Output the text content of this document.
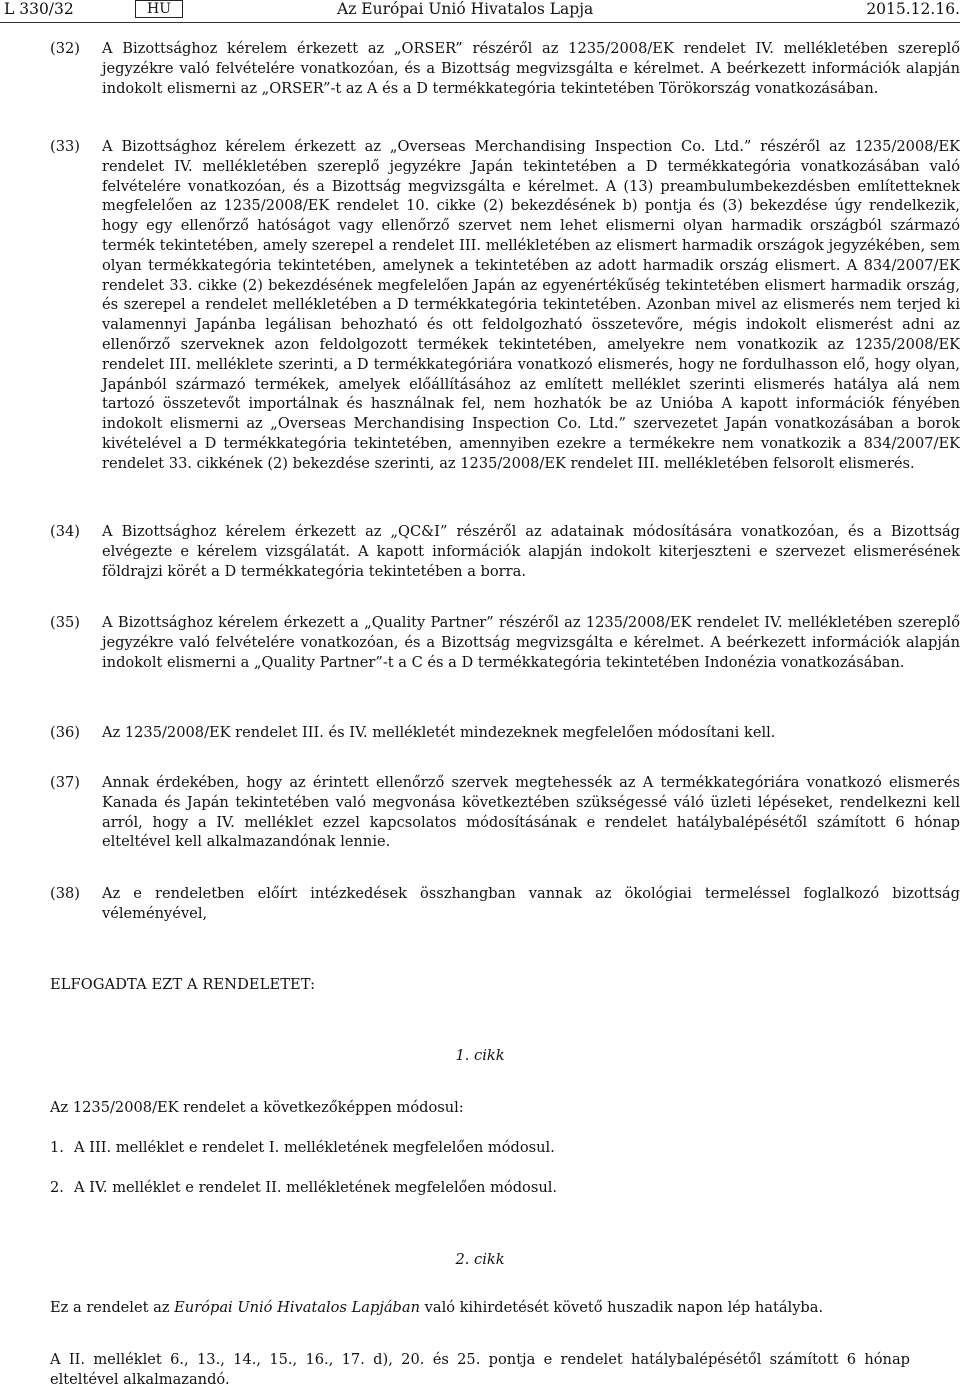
L 330/32	HU	Az Európai Unió Hivatalos Lapja	2015.12.16.
(32) A Bizottsághoz kérelem érkezett az „ORSER” részéről az 1235/2008/EK rendelet IV. mellékletében szereplő jegyzékre való felvételére vonatkozóan, és a Bizottság megvizsgálta e kérelmet. A beérkezett információk alapján indokolt elismerni az „ORSER”-t az A és a D termékkategória tekintetében Törökország vonatkozásában.
(33) A Bizottsághoz kérelem érkezett az „Overseas Merchandising Inspection Co. Ltd.” részéről az 1235/2008/EK rendelet IV. mellékletében szereplő jegyzékre Japán tekintetében a D termékkategória vonatkozásában való felvételére vonatkozóan, és a Bizottság megvizsgálta e kérelmet. A (13) preambulumbekezdésben említetteknek megfelelően az 1235/2008/EK rendelet 10. cikke (2) bekezdésének b) pontja és (3) bekezdése úgy rendelkezik, hogy egy ellenőrző hatóságot vagy ellenőrző szervet nem lehet elismerni olyan harmadik országból származó termék tekintetében, amely szerepel a rendelet III. mellékletében az elismert harmadik országok jegyzékében, sem olyan termékkategória tekintetében, amelynek a tekintetében az adott harmadik ország elismert. A 834/2007/EK rendelet 33. cikke (2) bekezdésének megfelelően Japán az egyenértékűség tekintetében elismert harmadik ország, és szerepel a rendelet mellékletében a D termékkategória tekintetében. Azonban mivel az elismerés nem terjed ki valamennyi Japánba legálisan behozható és ott feldolgozható összetevőre, mégis indokolt elismerést adni az ellenőrző szerveknek azon feldolgozott termékek tekintetében, amelyekre nem vonatkozik az 1235/2008/EK rendelet III. melléklete szerinti, a D termékkategóriára vonatkozó elismerés, hogy ne fordulhasson elő, hogy olyan, Japánból származó termékek, amelyek előállításához az említett melléklet szerinti elismerés hatálya alá nem tartozó összetevőt importálnak és használnak fel, nem hozhatók be az Unióba A kapott információk fényében indokolt elismerni az „Overseas Merchandising Inspection Co. Ltd.” szervezetet Japán vonatkozásában a borok kivételével a D termékkategória tekintetében, amennyiben ezekre a termékekre nem vonatkozik a 834/2007/EK rendelet 33. cikkének (2) bekezdése szerinti, az 1235/2008/EK rendelet III. mellékletében felsorolt elismerés.
(34) A Bizottsághoz kérelem érkezett az „QC&I” részéről az adatainak módosítására vonatkozóan, és a Bizottság elvégezte e kérelem vizsgálatát. A kapott információk alapján indokolt kiterjeszteni e szervezet elismerésének földrajzi körét a D termékkategória tekintetében a borra.
(35) A Bizottsághoz kérelem érkezett a „Quality Partner” részéről az 1235/2008/EK rendelet IV. mellékletében szereplő jegyzékre való felvételére vonatkozóan, és a Bizottság megvizsgálta e kérelmet. A beérkezett információk alapján indokolt elismerni a „Quality Partner”-t a C és a D termékkategória tekintetében Indonézia vonatkozásában.
(36) Az 1235/2008/EK rendelet III. és IV. mellékletét mindezeknek megfelelően módosítani kell.
(37) Annak érdekében, hogy az érintett ellenőrző szervek megtehessék az A termékkategóriára vonatkozó elismerés Kanada és Japán tekintetében való megvonása következtében szükségessé váló üzleti lépéseket, rendelkezni kell arról, hogy a IV. melléklet ezzel kapcsolatos módosításának e rendelet hatálybalépésétől számított 6 hónap elteltével kell alkalmazandónak lennie.
(38) Az e rendeletben előírt intézkedések összhangban vannak az ökológiai termeléssel foglalkozó bizottság véleményével,
ELFOGADTA EZT A RENDELETET:
1. cikk
Az 1235/2008/EK rendelet a következőképpen módosul:
1. A III. melléklet e rendelet I. mellékletének megfelelően módosul.
2. A IV. melléklet e rendelet II. mellékletének megfelelően módosul.
2. cikk
Ez a rendelet az Európai Unió Hivatalos Lapjában való kihirdetését követő huszadik napon lép hatályba.
A II. melléklet 6., 13., 14., 15., 16., 17. d), 20. és 25. pontja e rendelet hatálybalépésétől számított 6 hónap elteltével alkalmazandó.
